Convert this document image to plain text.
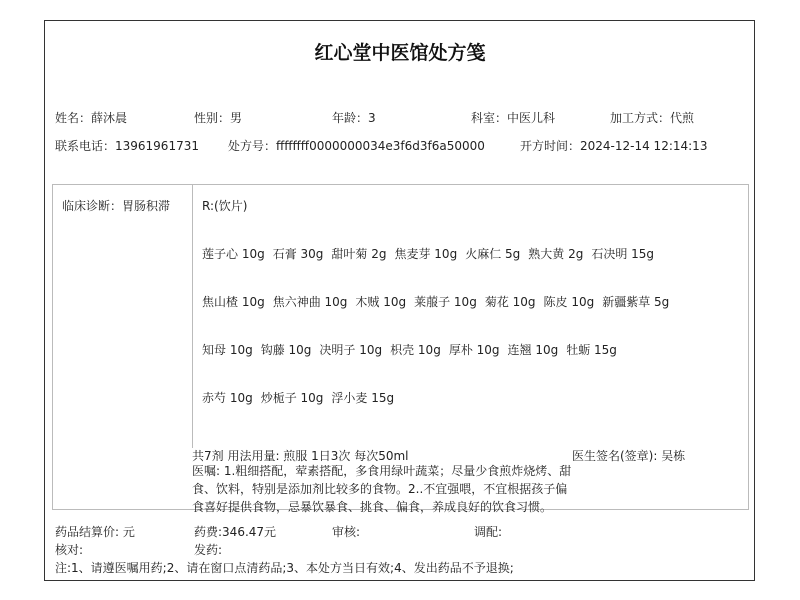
红心堂中医馆处方笺
姓名：薛沐晨	性别：男	年龄：3	科室：中医儿科	加工方式：代煎
联系电话：13961961731 处方号：ffffffff0000000034e3f6d3f6a50000	开方时间：2024-12-14 12:14:13
临床诊断：胃肠积滞	R:(饮片)
莲子心 10g 石膏 30g 甜叶菊 2g 焦麦芽 10g 火麻仁 5g 熟大黄 2g 石决明 15g
焦山楂 10g 焦六神曲 10g 木贼 10g 莱菔子 10g 菊花 10g 陈皮 10g 新疆紫草 5g
知母 10g 钩藤 10g 决明子 10g 枳壳 10g 厚朴 10g 连翘 10g 牡蛎 15g
赤芍 10g 炒栀子 10g 浮小麦 15g
共7剂 用法用量: 煎服 1日3次 每次50ml	医生签名(签章): 吴栋
医嘱: 1.粗细搭配，荤素搭配，多食用绿叶蔬菜；尽量少食煎炸烧烤、甜食、饮料，特别是添加剂比较多的食物。2..不宜强喂，不宜根据孩子偏食喜好提供食物，忌暴饮暴食、挑食、偏食，养成良好的饮食习惯。
药品结算价: 元	药费:346.47元	审核:	调配:
核对:	发药:
注:1、请遵医嘱用药;2、请在窗口点清药品;3、本处方当日有效;4、发出药品不予退换;
